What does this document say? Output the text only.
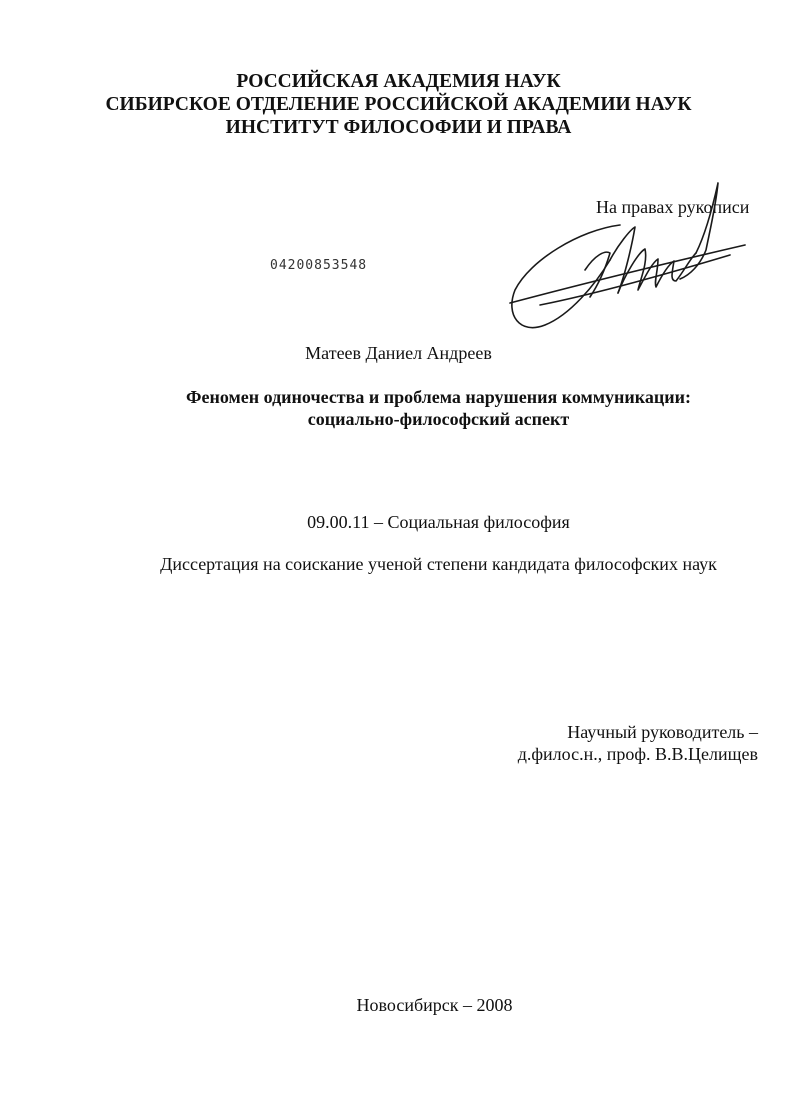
РОССИЙСКАЯ АКАДЕМИЯ НАУК
СИБИРСКОЕ ОТДЕЛЕНИЕ РОССИЙСКОЙ АКАДЕМИИ НАУК
ИНСТИТУТ ФИЛОСОФИИ И ПРАВА
На правах рукописи
04200853548
Матеев Даниел Андреев
Феномен одиночества и проблема нарушения коммуникации:
социально-философский аспект
09.00.11 – Социальная философия
Диссертация на соискание ученой степени кандидата философских наук
Научный руководитель –
д.филос.н., проф. В.В.Целищев
Новосибирск – 2008
